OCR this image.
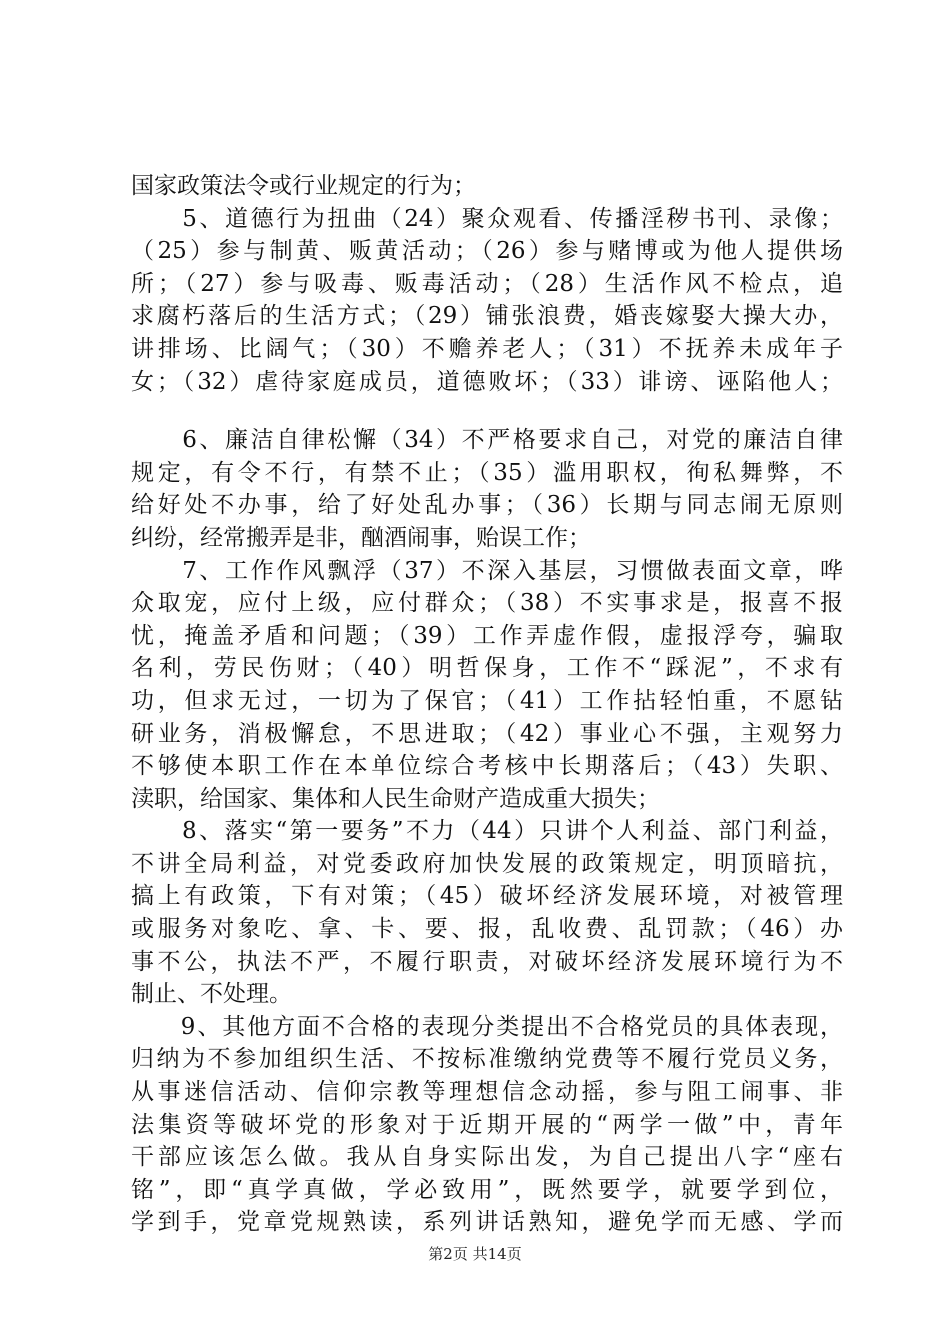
国家政策法令或行业规定的行为；
　　5、道德行为扭曲（24）聚众观看、传播淫秽书刊、录像；
（25）参与制黄、贩黄活动；（26）参与赌博或为他人提供场
所；（27）参与吸毒、贩毒活动；（28）生活作风不检点，追
求腐朽落后的生活方式；（29）铺张浪费，婚丧嫁娶大操大办，
讲排场、比阔气；（30）不赡养老人；（31）不抚养未成年子
女；（32）虐待家庭成员，道德败坏；（33）诽谤、诬陷他人；
　　6、廉洁自律松懈（34）不严格要求自己，对党的廉洁自律
规定，有令不行，有禁不止；（35）滥用职权，徇私舞弊，不
给好处不办事，给了好处乱办事；（36）长期与同志闹无原则
纠纷，经常搬弄是非，酗酒闹事，贻误工作；
　　7、工作作风飘浮（37）不深入基层，习惯做表面文章，哗
众取宠，应付上级，应付群众；（38）不实事求是，报喜不报
忧，掩盖矛盾和问题；（39）工作弄虚作假，虚报浮夸，骗取
名利，劳民伤财；（40）明哲保身，工作不“踩泥”，不求有
功，但求无过，一切为了保官；（41）工作拈轻怕重，不愿钻
研业务，消极懈怠，不思进取；（42）事业心不强，主观努力
不够使本职工作在本单位综合考核中长期落后；（43）失职、
渎职，给国家、集体和人民生命财产造成重大损失；
　　8、落实“第一要务”不力（44）只讲个人利益、部门利益，
不讲全局利益，对党委政府加快发展的政策规定，明顶暗抗，
搞上有政策，下有对策；（45）破坏经济发展环境，对被管理
或服务对象吃、拿、卡、要、报，乱收费、乱罚款；（46）办
事不公，执法不严，不履行职责，对破坏经济发展环境行为不
制止、不处理。
　　9、其他方面不合格的表现分类提出不合格党员的具体表现，
归纳为不参加组织生活、不按标准缴纳党费等不履行党员义务，
从事迷信活动、信仰宗教等理想信念动摇，参与阻工闹事、非
法集资等破坏党的形象对于近期开展的“两学一做”中，青年
干部应该怎么做。我从自身实际出发，为自己提出八字“座右
铭”，即“真学真做，学必致用”，既然要学，就要学到位，
学到手，党章党规熟读，系列讲话熟知，避免学而无感、学而
第2页 共14页
